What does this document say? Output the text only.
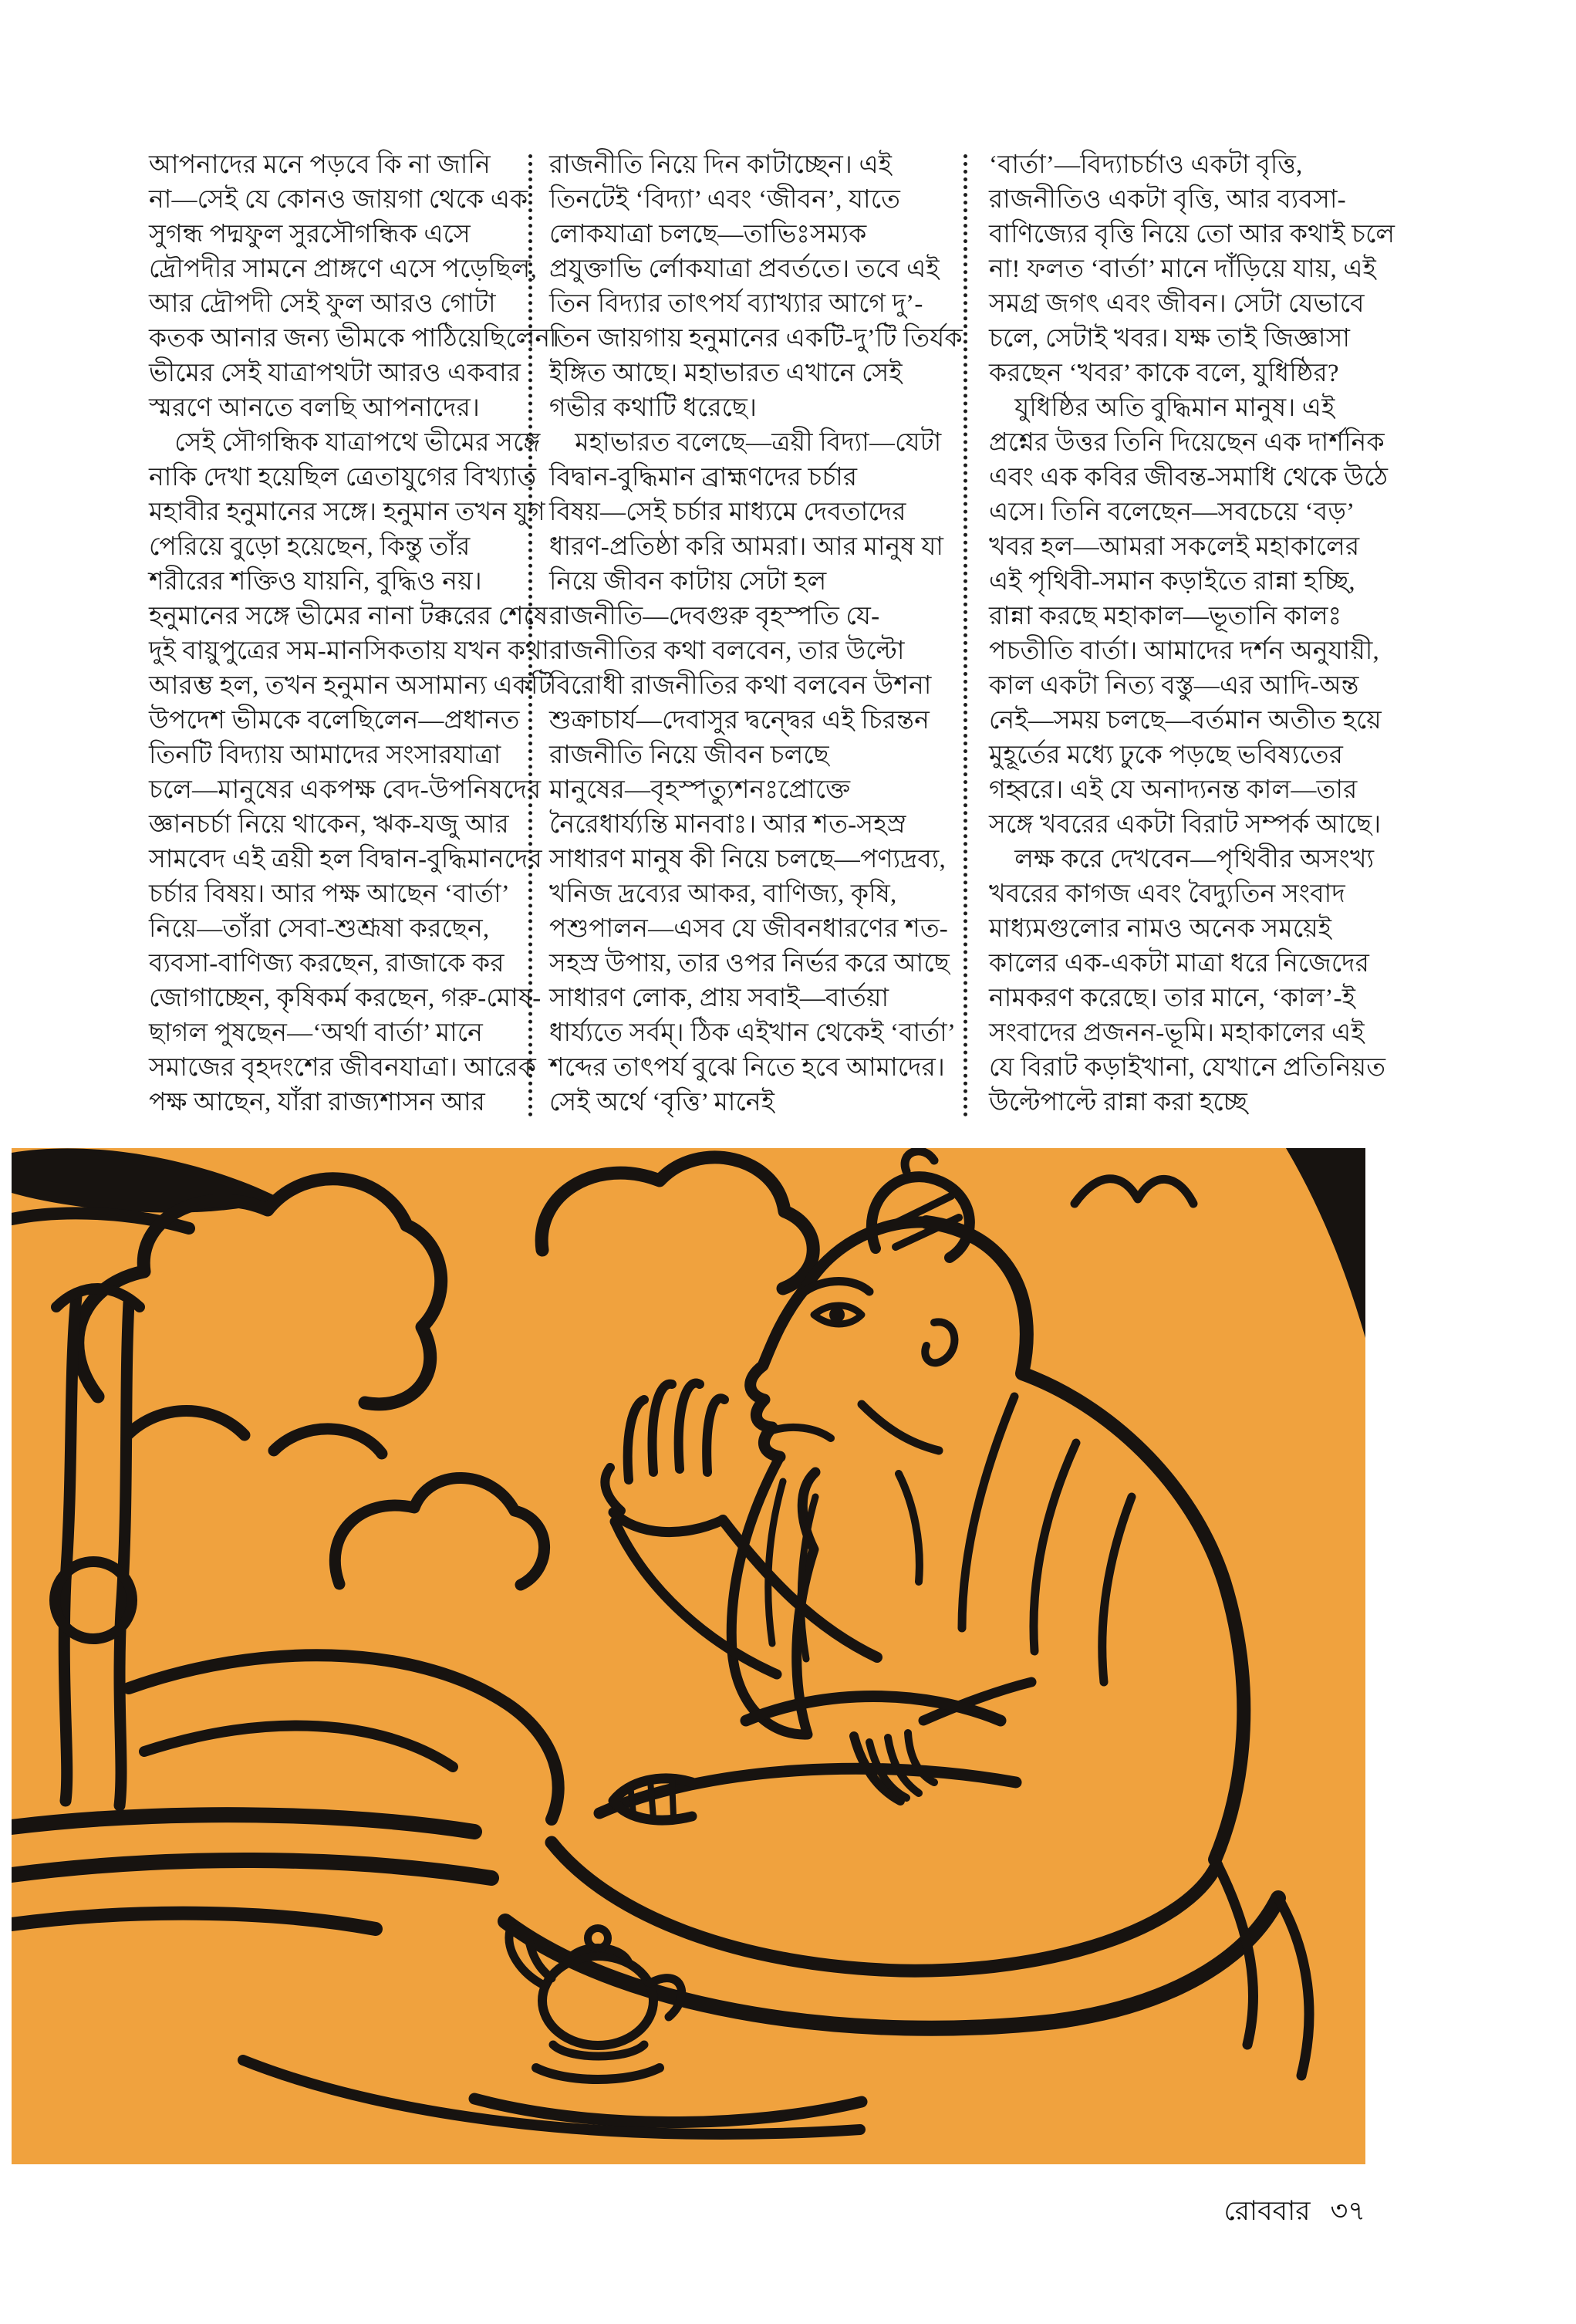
আপনাদের মনে পড়বে কি না জানি
না—সেই যে কোনও জায়গা থেকে এক
সুগন্ধ পদ্মফুল সুরসৌগন্ধিক এসে
দ্রৌপদীর সামনে প্রাঙ্গণে এসে পড়েছিল,
আর দ্রৌপদী সেই ফুল আরও গোটা
কতক আনার জন্য ভীমকে পাঠিয়েছিলেন।
ভীমের সেই যাত্রাপথটা আরও একবার
স্মরণে আনতে বলছি আপনাদের।
 সেই সৌগন্ধিক যাত্রাপথে ভীমের সঙ্গে
নাকি দেখা হয়েছিল ত্রেতাযুগের বিখ্যাত
মহাবীর হনুমানের সঙ্গে। হনুমান তখন যুগ
পেরিয়ে বুড়ো হয়েছেন, কিন্তু তাঁর
শরীরের শক্তিও যায়নি, বুদ্ধিও নয়।
হনুমানের সঙ্গে ভীমের নানা টক্করের শেষে
দুই বায়ুপুত্রের সম-মানসিকতায় যখন কথা
আরম্ভ হল, তখন হনুমান অসামান্য একটি
উপদেশ ভীমকে বলেছিলেন—প্রধানত
তিনটি বিদ্যায় আমাদের সংসারযাত্রা
চলে—মানুষের একপক্ষ বেদ-উপনিষদের
জ্ঞানচর্চা নিয়ে থাকেন, ঋক-যজু আর
সামবেদ এই ত্রয়ী হল বিদ্বান-বুদ্ধিমানদের
চর্চার বিষয়। আর পক্ষ আছেন ‘বার্তা’
নিয়ে—তাঁরা সেবা-শুশ্রূষা করছেন,
ব্যবসা-বাণিজ্য করছেন, রাজাকে কর
জোগাচ্ছেন, কৃষিকর্ম করছেন, গরু-মোষ-
ছাগল পুষছেন—‘অর্থা বার্তা’ মানে
সমাজের বৃহদংশের জীবনযাত্রা। আরেক
পক্ষ আছেন, যাঁরা রাজ্যশাসন আর
রাজনীতি নিয়ে দিন কাটাচ্ছেন। এই
তিনটেই ‘বিদ্যা’ এবং ‘জীবন’, যাতে
লোকযাত্রা চলছে—তাভিঃসম্যক
প্রযুক্তাভি র্লোকযাত্রা প্রবর্ততে। তবে এই
তিন বিদ্যার তাৎপর্য ব্যাখ্যার আগে দু’-
তিন জায়গায় হনুমানের একটি-দু’টি তির্যক
ইঙ্গিত আছে। মহাভারত এখানে সেই
গভীর কথাটি ধরেছে।
 মহাভারত বলেছে—ত্রয়ী বিদ্যা—যেটা
বিদ্বান-বুদ্ধিমান ব্রাহ্মণদের চর্চার
বিষয়—সেই চর্চার মাধ্যমে দেবতাদের
ধারণ-প্রতিষ্ঠা করি আমরা। আর মানুষ যা
নিয়ে জীবন কাটায় সেটা হল
রাজনীতি—দেবগুরু বৃহস্পতি যে-
রাজনীতির কথা বলবেন, তার উল্টো
বিরোধী রাজনীতির কথা বলবেন উশনা
শুক্রাচার্য—দেবাসুর দ্বন্দ্বের এই চিরন্তন
রাজনীতি নিয়ে জীবন চলছে
মানুষের—বৃহস্পত্যুশনঃপ্রোক্তে
নৈরেধার্য্যন্তি মানবাঃ। আর শত-সহস্র
সাধারণ মানুষ কী নিয়ে চলছে—পণ্যদ্রব্য,
খনিজ দ্রব্যের আকর, বাণিজ্য, কৃষি,
পশুপালন—এসব যে জীবনধারণের শত-
সহস্র উপায়, তার ওপর নির্ভর করে আছে
সাধারণ লোক, প্রায় সবাই—বার্তয়া
ধার্য্যতে সর্বম্। ঠিক এইখান থেকেই ‘বার্তা’
শব্দের তাৎপর্য বুঝে নিতে হবে আমাদের।
সেই অর্থে ‘বৃত্তি’ মানেই
‘বার্তা’—বিদ্যাচর্চাও একটা বৃত্তি,
রাজনীতিও একটা বৃত্তি, আর ব্যবসা-
বাণিজ্যের বৃত্তি নিয়ে তো আর কথাই চলে
না! ফলত ‘বার্তা’ মানে দাঁড়িয়ে যায়, এই
সমগ্র জগৎ এবং জীবন। সেটা যেভাবে
চলে, সেটাই খবর। যক্ষ তাই জিজ্ঞাসা
করছেন ‘খবর’ কাকে বলে, যুধিষ্ঠির?
 যুধিষ্ঠির অতি বুদ্ধিমান মানুষ। এই
প্রশ্নের উত্তর তিনি দিয়েছেন এক দার্শনিক
এবং এক কবির জীবন্ত-সমাধি থেকে উঠে
এসে। তিনি বলেছেন—সবচেয়ে ‘বড়’
খবর হল—আমরা সকলেই মহাকালের
এই পৃথিবী-সমান কড়াইতে রান্না হচ্ছি,
রান্না করছে মহাকাল—ভূতানি কালঃ
পচতীতি বার্তা। আমাদের দর্শন অনুযায়ী,
কাল একটা নিত্য বস্তু—এর আদি-অন্ত
নেই—সময় চলছে—বর্তমান অতীত হয়ে
মুহূর্তের মধ্যে ঢুকে পড়ছে ভবিষ্যতের
গহ্বরে। এই যে অনাদ্যনন্ত কাল—তার
সঙ্গে খবরের একটা বিরাট সম্পর্ক আছে।
 লক্ষ করে দেখবেন—পৃথিবীর অসংখ্য
খবরের কাগজ এবং বৈদ্যুতিন সংবাদ
মাধ্যমগুলোর নামও অনেক সময়েই
কালের এক-একটা মাত্রা ধরে নিজেদের
নামকরণ করেছে। তার মানে, ‘কাল’-ই
সংবাদের প্রজনন-ভূমি। মহাকালের এই
যে বিরাট কড়াইখানা, যেখানে প্রতিনিয়ত
উল্টেপাল্টে রান্না করা হচ্ছে
রোববার ৩৭
